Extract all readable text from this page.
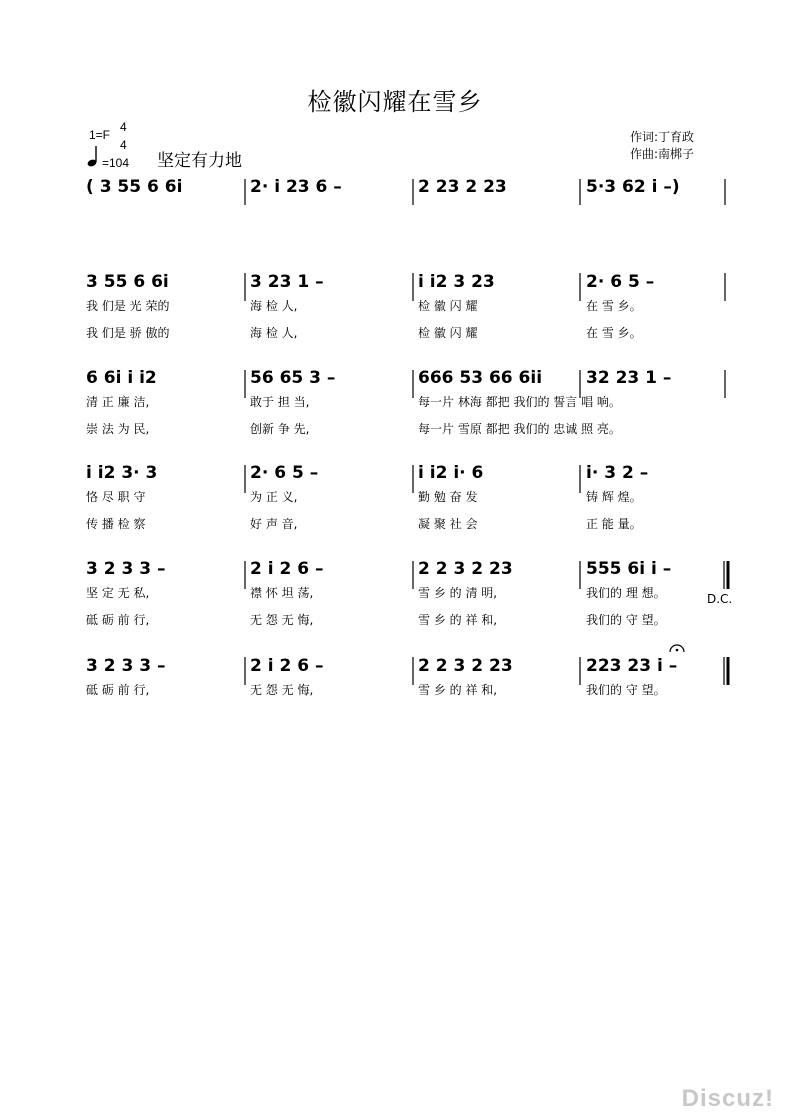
检徽闪耀在雪乡
1=F
4
4
=104 坚定有力地
作词:丁育政
作曲:南梆子
( 3 55 6 6i	2· i 23 6 –	2 23 2 23	5·3 62 i –)
3 55 6 6i	3 23 1 –	i i2 3 23	2· 6 5 –
我 们是 光 荣的	海 检 人,	检 徽 闪 耀	在 雪 乡。
我 们是 骄 傲的	海 检 人,	检 徽 闪 耀	在 雪 乡。
6 6i i i2	56 65 3 –	666 53 66 6ii	32 23 1 –
清 正 廉 洁,	敢于 担 当,	每一片 林海 都把 我们的 誓言 唱 响。
崇 法 为 民,	创新 争 先,	每一片 雪原 都把 我们的 忠诚 照 亮。
i i2 3· 3	2· 6 5 –	i i2 i· 6	i· 3 2 –
恪 尽 职 守	为 正 义,	勤 勉 奋 发	铸 辉 煌。
传 播 检 察	好 声 音,	凝 聚 社 会	正 能 量。
3 2 3 3 –	2 i 2 6 –	2 2 3 2 23	555 6i i –
坚 定 无 私,	襟 怀 坦 荡,	雪 乡 的 清 明,	我们的 理 想。
砥 砺 前 行,	无 怨 无 悔,	雪 乡 的 祥 和,	我们的 守 望。
3 2 3 3 –	2 i 2 6 –	2 2 3 2 23	223 23 i –
砥 砺 前 行,	无 怨 无 悔,	雪 乡 的 祥 和,	我们的 守 望。
D.C.
Discuz!
